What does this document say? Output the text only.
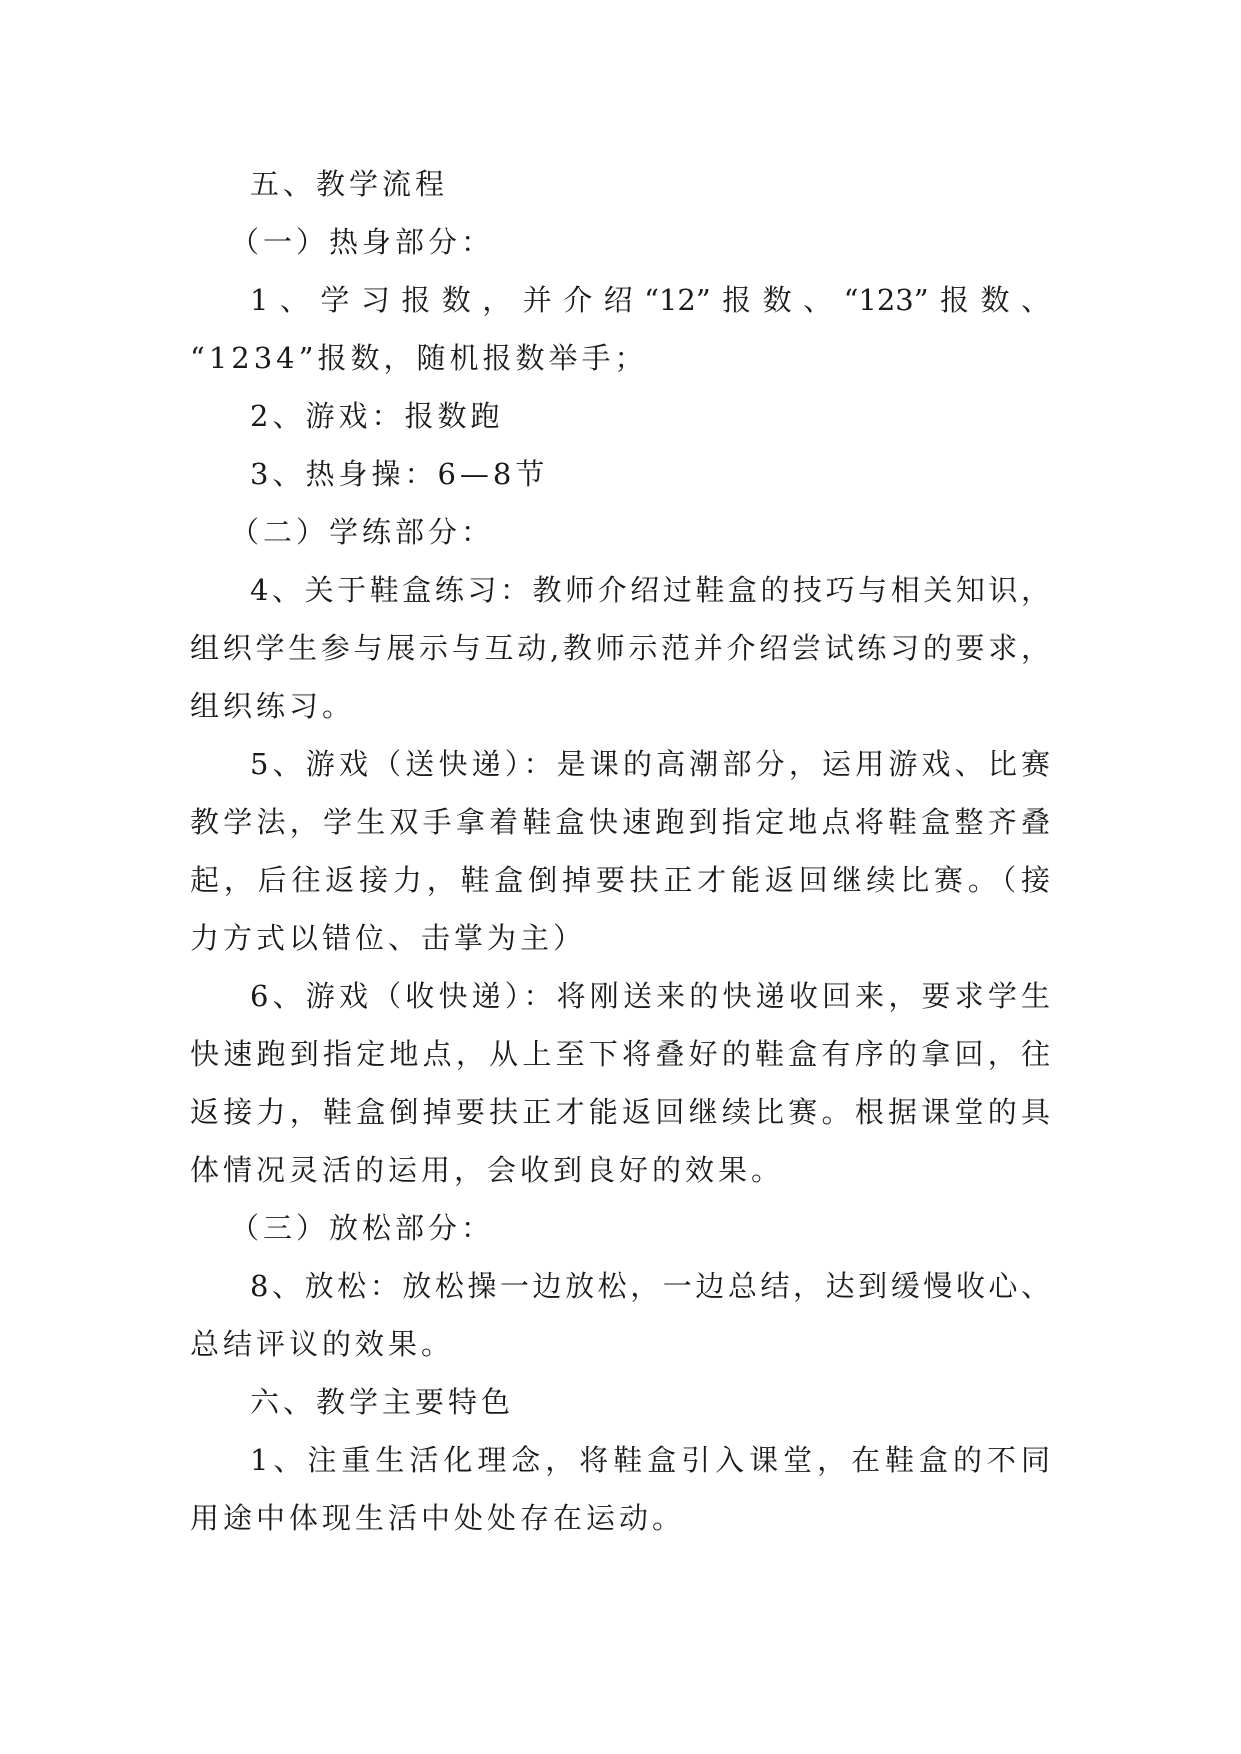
五、教学流程
（一）热身部分：
1、学习报数，并介绍“12”报数、“123”报数、
“1234”报数，随机报数举手；
2、游戏：报数跑
3、热身操：6—8节
（二）学练部分：
4、关于鞋盒练习：教师介绍过鞋盒的技巧与相关知识，
组织学生参与展示与互动,教师示范并介绍尝试练习的要求，
组织练习。
5、游戏（送快递）：是课的高潮部分，运用游戏、比赛
教学法，学生双手拿着鞋盒快速跑到指定地点将鞋盒整齐叠
起，后往返接力，鞋盒倒掉要扶正才能返回继续比赛。（接
力方式以错位、击掌为主）
6、游戏（收快递）：将刚送来的快递收回来，要求学生
快速跑到指定地点，从上至下将叠好的鞋盒有序的拿回，往
返接力，鞋盒倒掉要扶正才能返回继续比赛。根据课堂的具
体情况灵活的运用，会收到良好的效果。
（三）放松部分：
8、放松：放松操一边放松，一边总结，达到缓慢收心、
总结评议的效果。
六、教学主要特色
1、注重生活化理念，将鞋盒引入课堂，在鞋盒的不同
用途中体现生活中处处存在运动。
